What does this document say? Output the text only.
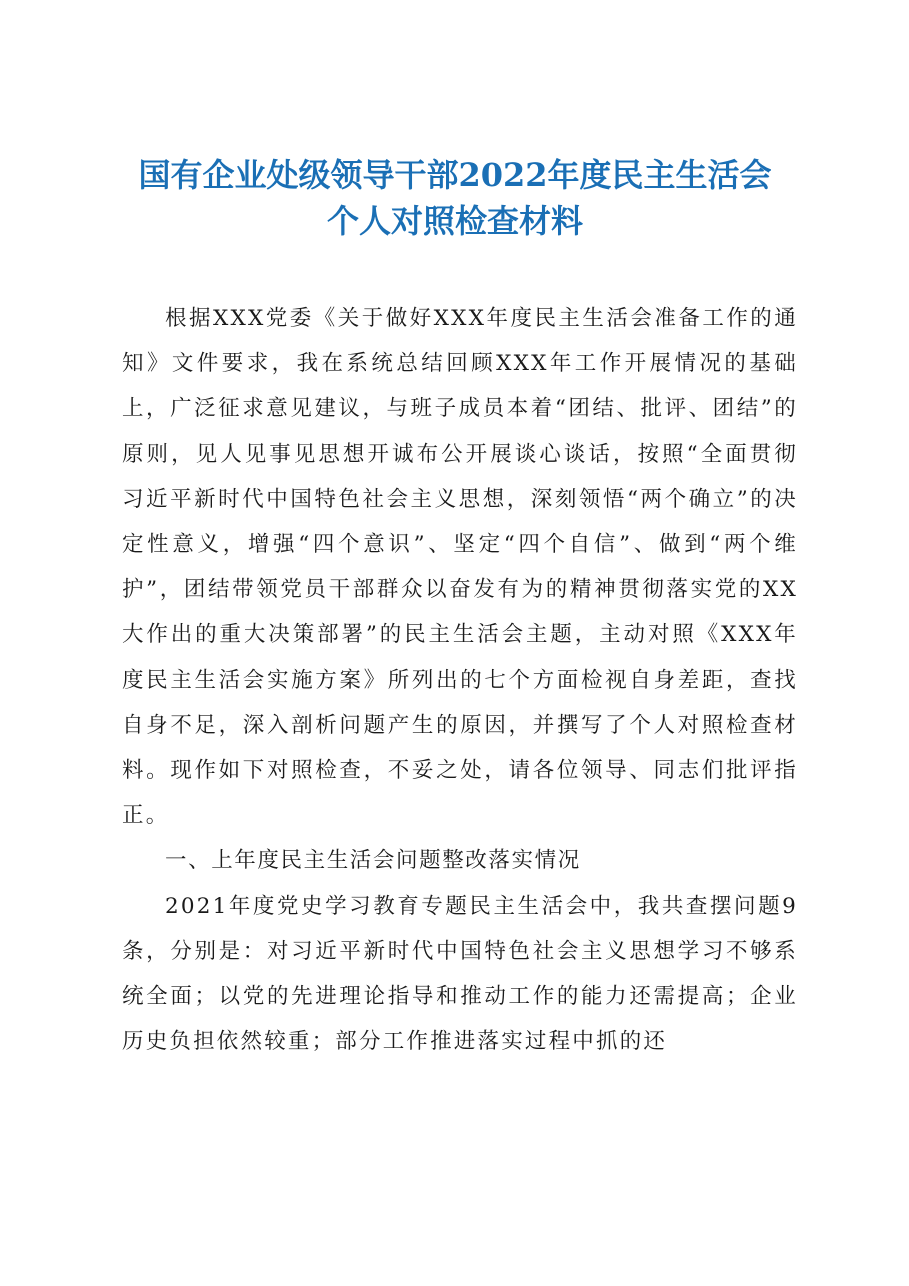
国有企业处级领导干部2022年度民主生活会
个人对照检查材料

根据XXX党委《关于做好XXX年度民主生活会准备工作的通知》文件要求，我在系统总结回顾XXX年工作开展情况的基础上，广泛征求意见建议，与班子成员本着“团结、批评、团结”的原则，见人见事见思想开诚布公开展谈心谈话，按照“全面贯彻习近平新时代中国特色社会主义思想，深刻领悟“两个确立”的决定性意义，增强“四个意识”、坚定“四个自信”、做到“两个维护”，团结带领党员干部群众以奋发有为的精神贯彻落实党的XX大作出的重大决策部署”的民主生活会主题，主动对照《XXX年度民主生活会实施方案》所列出的七个方面检视自身差距，查找自身不足，深入剖析问题产生的原因，并撰写了个人对照检查材料。现作如下对照检查，不妥之处，请各位领导、同志们批评指正。

一、上年度民主生活会问题整改落实情况

2021年度党史学习教育专题民主生活会中，我共查摆问题9条，分别是：对习近平新时代中国特色社会主义思想学习不够系统全面；以党的先进理论指导和推动工作的能力还需提高；企业历史负担依然较重；部分工作推进落实过程中抓的还
